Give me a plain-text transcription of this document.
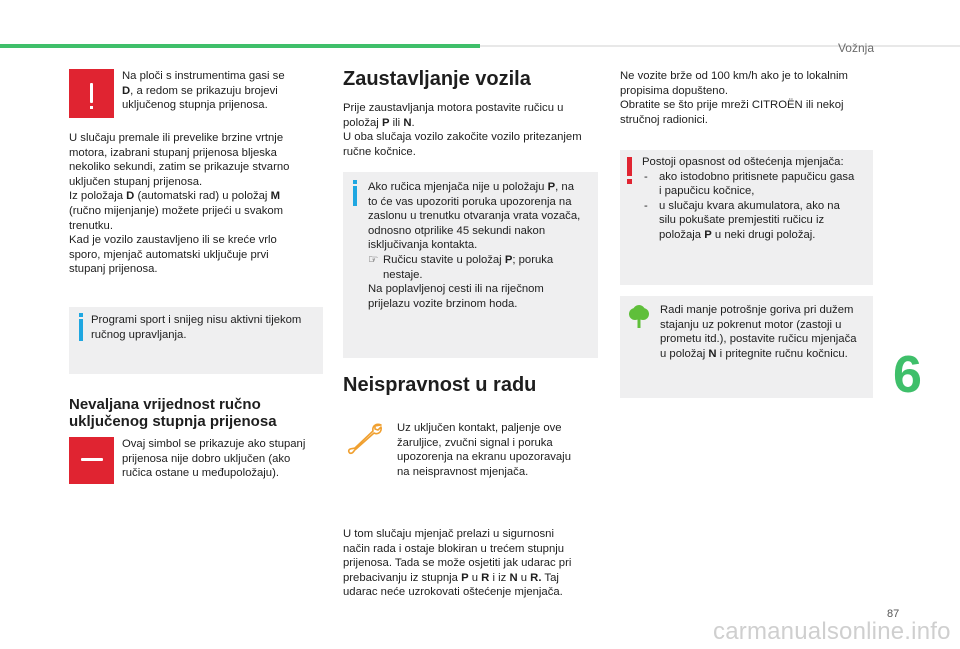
Vožnja
6

Na ploči s instrumentima gasi se
D, a redom se prikazuju brojevi
uključenog stupnja prijenosa.

U slučaju premale ili prevelike brzine vrtnje
motora, izabrani stupanj prijenosa bljeska
nekoliko sekundi, zatim se prikazuje stvarno
uključen stupanj prijenosa.
Iz položaja D (automatski rad) u položaj M
(ručno mijenjanje) možete prijeći u svakom
trenutku.
Kad je vozilo zaustavljeno ili se kreće vrlo
sporo, mjenjač automatski uključuje prvi
stupanj prijenosa.

Programi sport i snijeg nisu aktivni tijekom
ručnog upravljanja.

Nevaljana vrijednost ručno
uključenog stupnja prijenosa

Ovaj simbol se prikazuje ako stupanj
prijenosa nije dobro uključen (ako
ručica ostane u međupoložaju).

Zaustavljanje vozila

Prije zaustavljanja motora postavite ručicu u
položaj P ili N.
U oba slučaja vozilo zakočite vozilo pritezanjem
ručne kočnice.

Ako ručica mjenjača nije u položaju P, na
to će vas upozoriti poruka upozorenja na
zaslonu u trenutku otvaranja vrata vozača,
odnosno otprilike 45 sekundi nakon
isključivanja kontakta.

☞ Ručicu stavite u položaj P; poruka
nestaje.

Na poplavljenoj cesti ili na riječnom
prijelazu vozite brzinom hoda.

Neispravnost u radu

Uz uključen kontakt, paljenje ove
žaruljice, zvučni signal i poruka
upozorenja na ekranu upozoravaju
na neispravnost mjenjača.

U tom slučaju mjenjač prelazi u sigurnosni
način rada i ostaje blokiran u trećem stupnju
prijenosa. Tada se može osjetiti jak udarac pri
prebacivanju iz stupnja P u R i iz N u R. Taj
udarac neće uzrokovati oštećenje mjenjača.

Ne vozite brže od 100 km/h ako je to lokalnim
propisima dopušteno.
Obratite se što prije mreži CITROËN ili nekoj
stručnoj radionici.

Postoji opasnost od oštećenja mjenjača:

- ako istodobno pritisnete papučicu gasa
i papučicu kočnice,

- u slučaju kvara akumulatora, ako na
silu pokušate premjestiti ručicu iz
položaja P u neki drugi položaj.

Radi manje potrošnje goriva pri dužem
stajanju uz pokrenut motor (zastoji u
prometu itd.), postavite ručicu mjenjača
u položaj N i pritegnite ručnu kočnicu.

87
carmanualsonline.info
